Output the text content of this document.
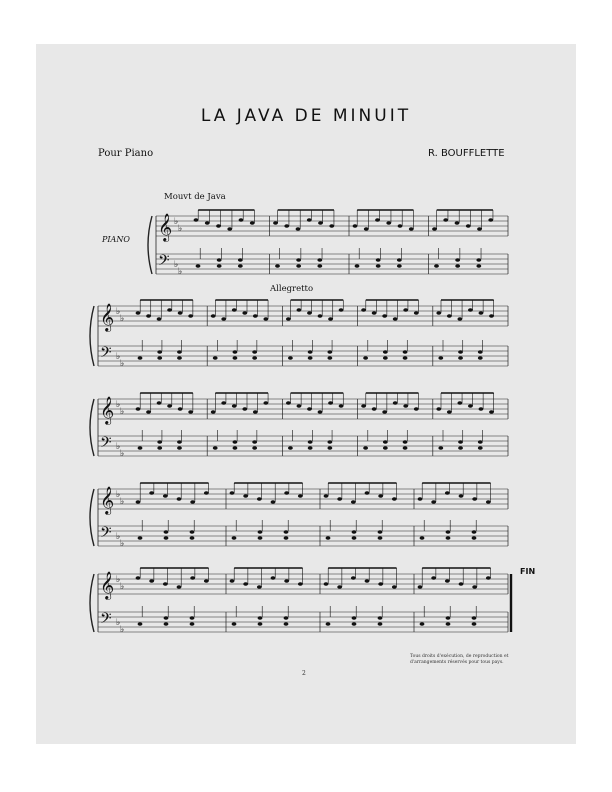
LA JAVA DE MINUIT
Pour Piano	R. BOUFFLETTE
PIANO
Mouvt de Java
Allegretto
FIN
Tous droits d'exécution, de reproduction et d'arrangements réservés pour tous pays.
2
𝄞
𝄢
♭
♭
♭
♭
𝄞
𝄢
♭
♭
♭
♭
𝄞
𝄢
♭
♭
♭
♭
𝄞
𝄢
♭
♭
♭
♭
𝄞
𝄢
♭
♭
♭
♭
